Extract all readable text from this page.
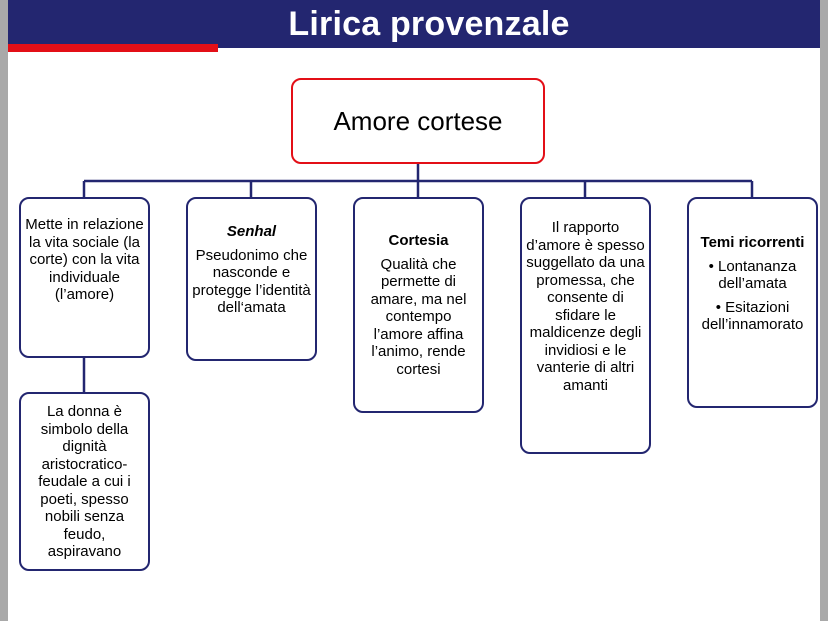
Lirica provenzale
Amore cortese
Mette in relazione la vita sociale (la corte) con la vita individuale (l’amore)
Senhal
Pseudonimo che nasconde e protegge l’identità dell‘amata
Cortesia
Qualità che permette di amare, ma nel contempo l’amore affina l’animo, rende cortesi
Il rapporto d’amore è spesso suggellato da una promessa, che consente di sfidare le maldicenze degli invidiosi e le vanterie di altri amanti
Temi ricorrenti
• Lontananza dell’amata
• Esitazioni dell’innamorato
La donna è simbolo della dignità aristocratico-feudale a cui i poeti, spesso nobili senza feudo, aspiravano
